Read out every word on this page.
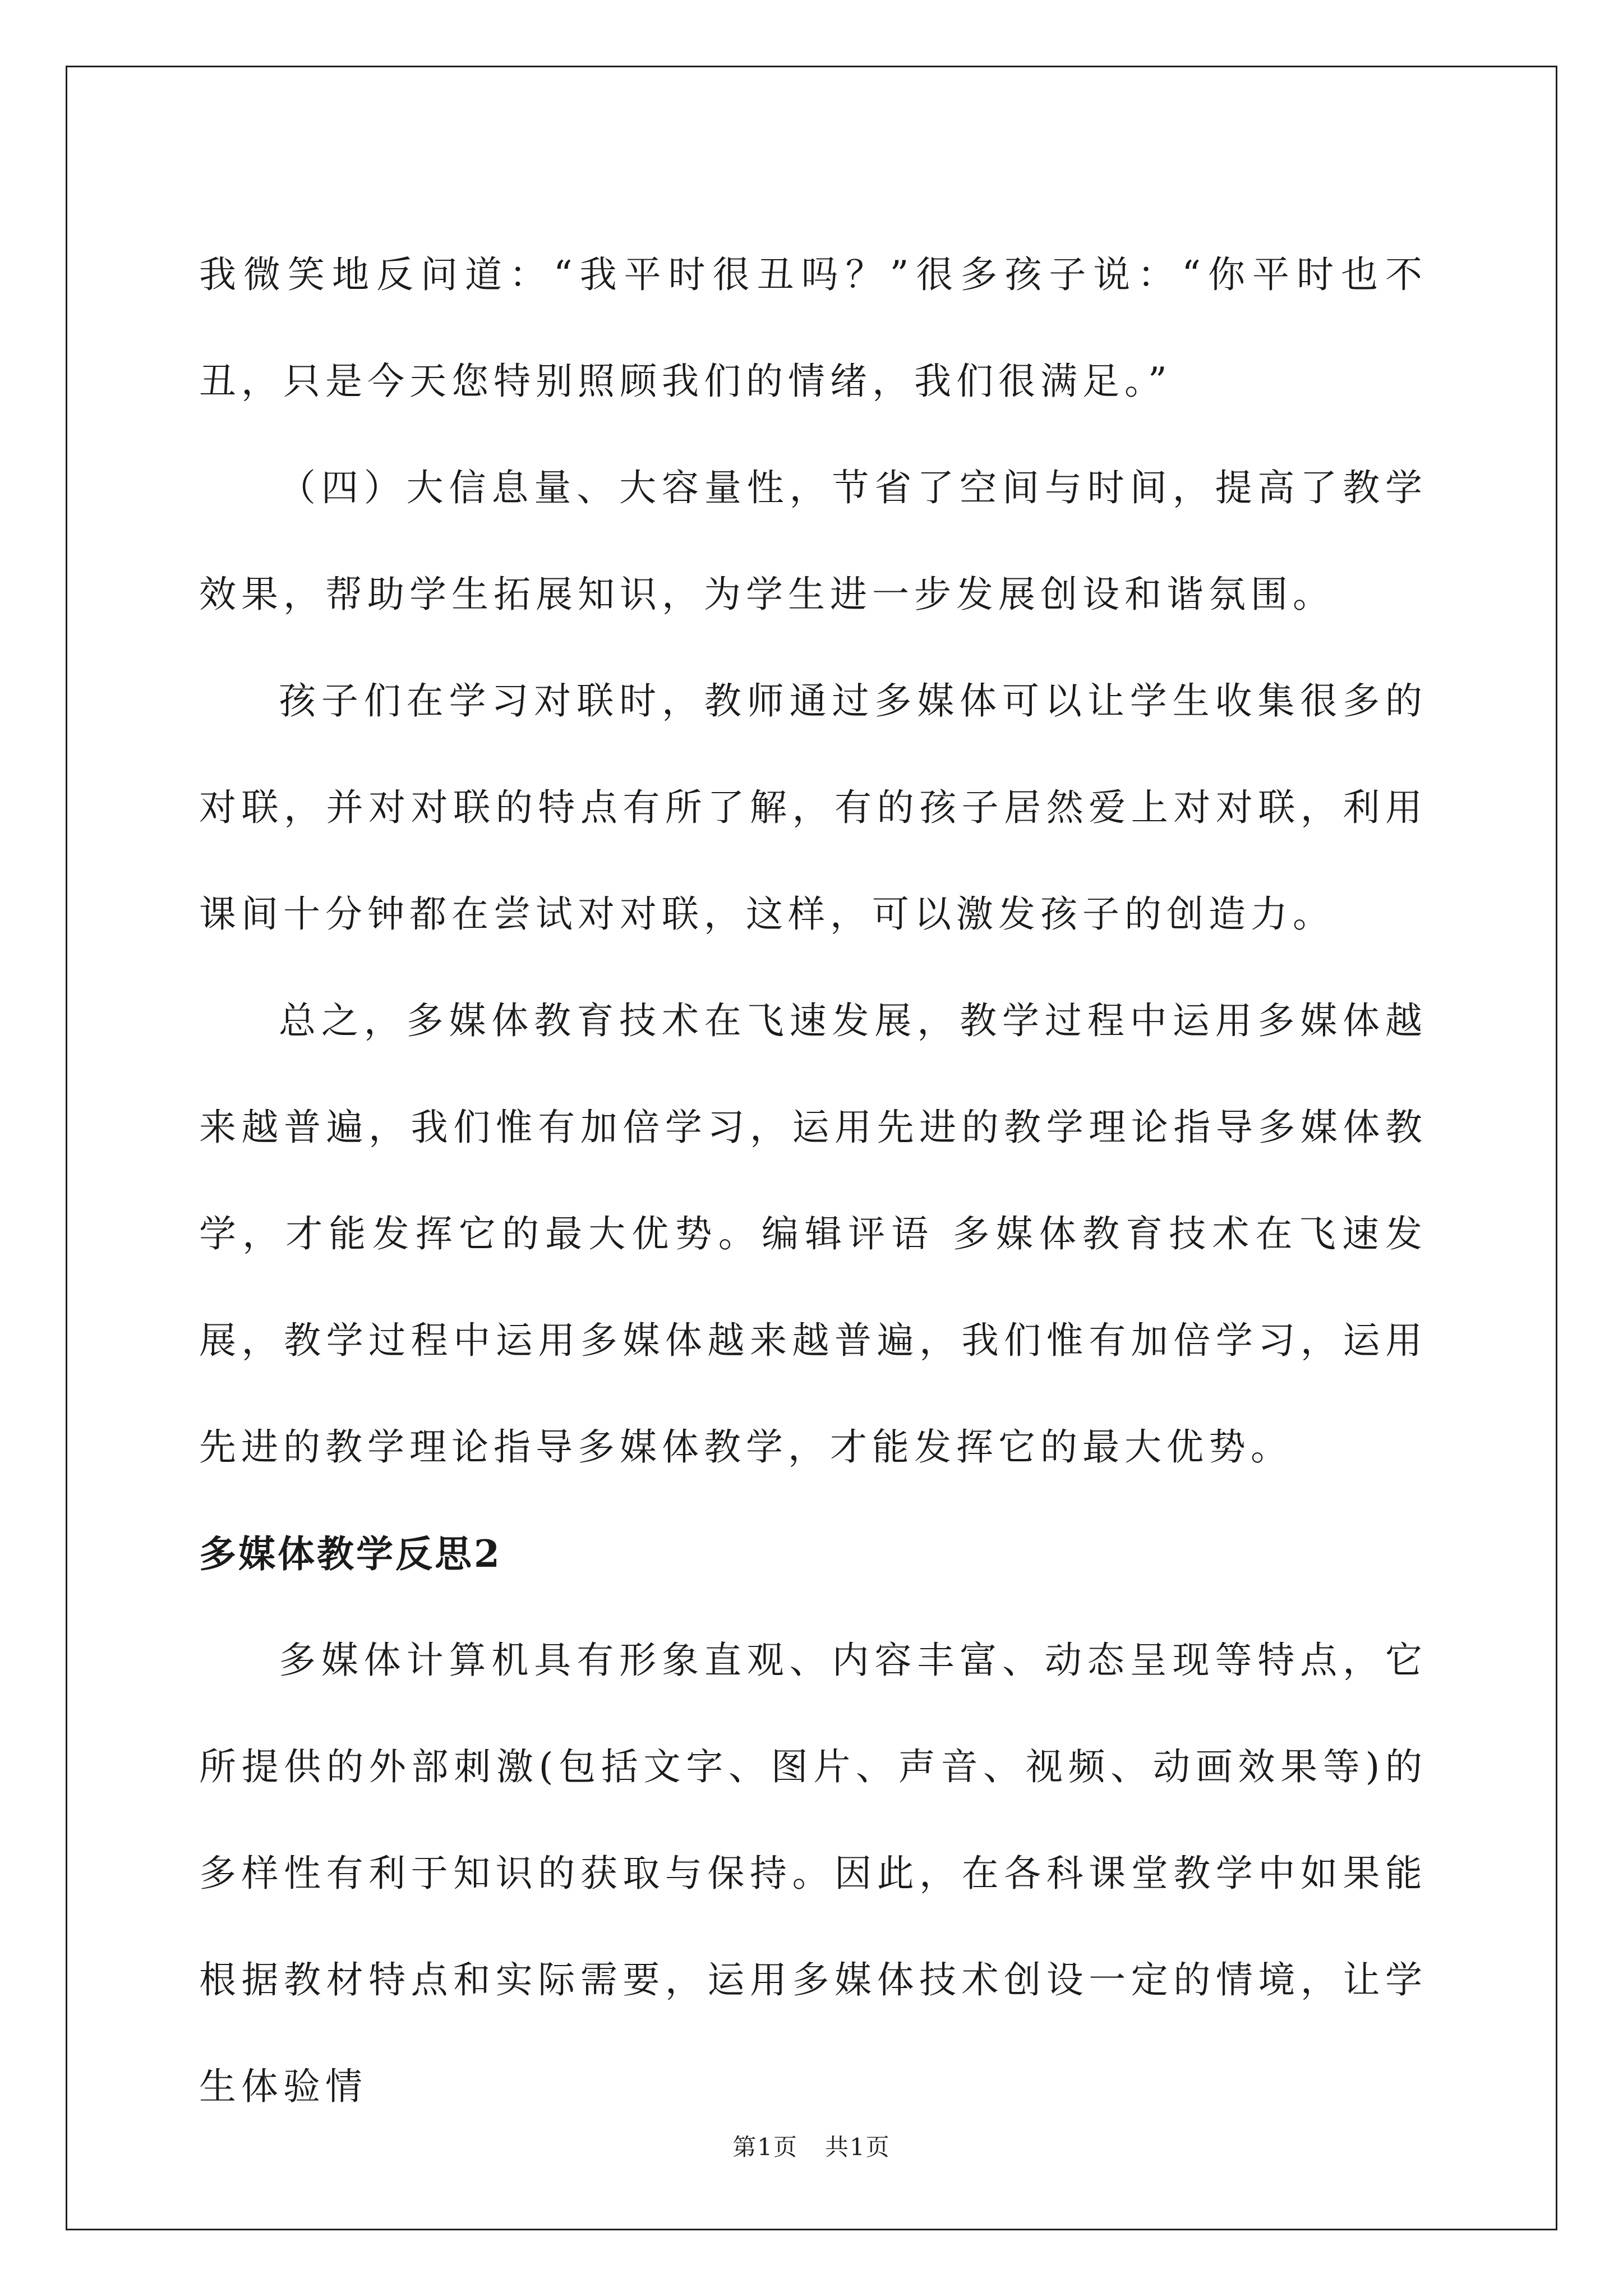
我微笑地反问道：“我平时很丑吗？”很多孩子说：“你平时也不丑，只是今天您特别照顾我们的情绪，我们很满足。”

（四）大信息量、大容量性，节省了空间与时间，提高了教学效果，帮助学生拓展知识，为学生进一步发展创设和谐氛围。

孩子们在学习对联时，教师通过多媒体可以让学生收集很多的对联，并对对联的特点有所了解，有的孩子居然爱上对对联，利用课间十分钟都在尝试对对联，这样，可以激发孩子的创造力。

总之，多媒体教育技术在飞速发展，教学过程中运用多媒体越来越普遍，我们惟有加倍学习，运用先进的教学理论指导多媒体教学，才能发挥它的最大优势。编辑评语 多媒体教育技术在飞速发展，教学过程中运用多媒体越来越普遍，我们惟有加倍学习，运用先进的教学理论指导多媒体教学，才能发挥它的最大优势。

多媒体教学反思2

多媒体计算机具有形象直观、内容丰富、动态呈现等特点，它所提供的外部刺激(包括文字、图片、声音、视频、动画效果等)的多样性有利于知识的获取与保持。因此，在各科课堂教学中如果能根据教材特点和实际需要，运用多媒体技术创设一定的情境，让学生体验情

第1页 共1页
